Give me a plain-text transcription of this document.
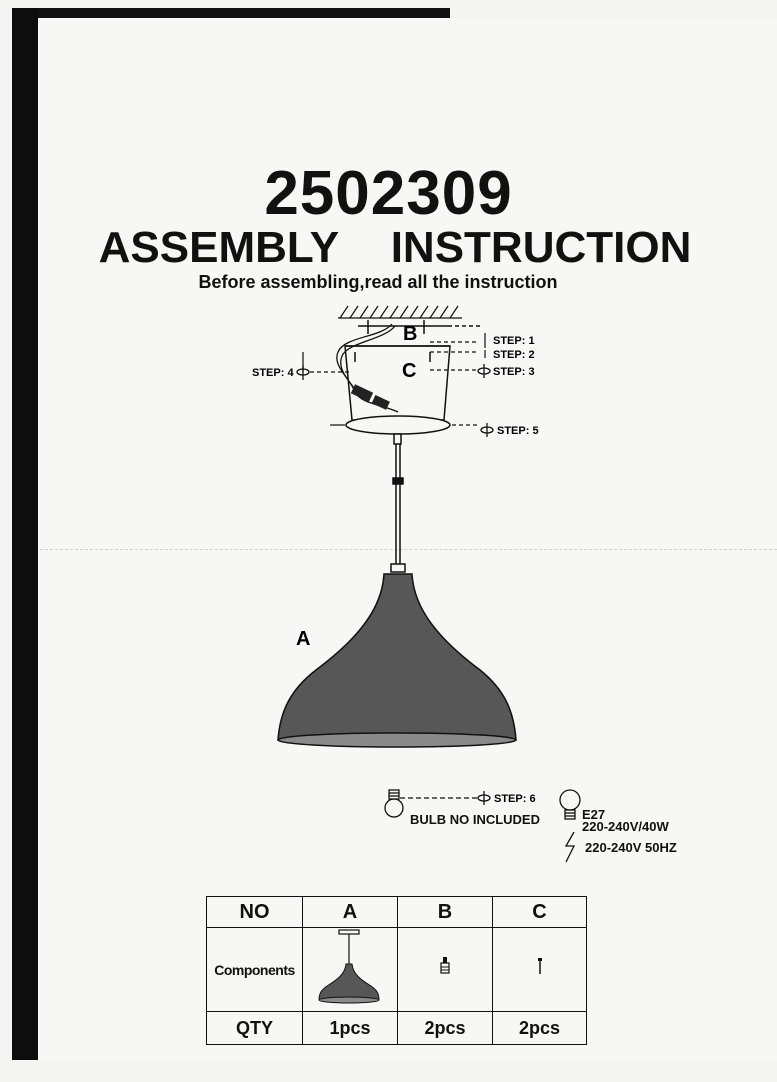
2502309
ASSEMBLY  INSTRUCTION
Before assembling,read all the instruction
B
C
STEP: 1
STEP: 2
STEP: 3
STEP: 4
STEP: 5
STEP: 6
A
BULB NO INCLUDED	E27
220-240V/40W
220-240V 50HZ
NO	A	B	C
Components			
QTY	1pcs	2pcs	2pcs
